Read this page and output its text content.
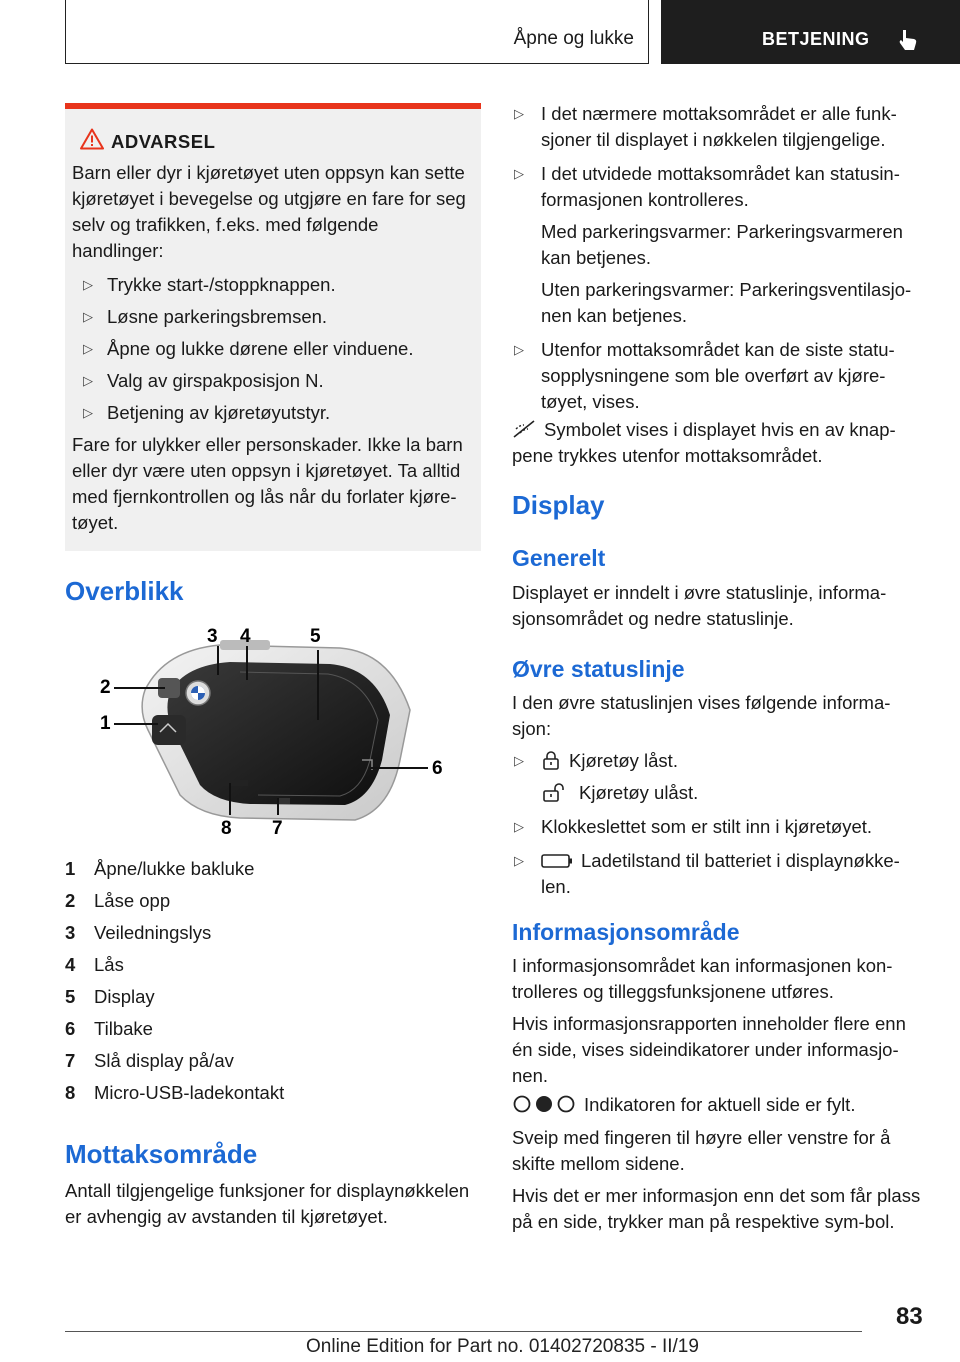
Åpne og lukke	BETJENING
ADVARSEL

Barn eller dyr i kjøretøyet uten oppsyn kan sette kjøretøyet i bevegelse og utgjøre en fare for seg selv og trafikken, f.eks. med følgende handlinger:

▷ Trykke start-/stoppknappen.
▷ Løsne parkeringsbremsen.
▷ Åpne og lukke dørene eller vinduene.
▷ Valg av girspakposisjon N.
▷ Betjening av kjøretøyutstyr.

Fare for ulykker eller personskader. Ikke la barn eller dyr være uten oppsyn i kjøretøyet. Ta alltid med fjernkontrollen og lås når du forlater kjøre-tøyet.

Overblikk
2
1
3 4	5
6
7
8
1	Åpne/lukke bakluke
2	Låse opp
3	Veiledningslys
4	Lås
5	Display
6	Tilbake
7	Slå display på/av
8	Micro-USB-ladekontakt
Mottaksområde

Antall tilgjengelige funksjoner for displaynøkkelen er avhengig av avstanden til kjøretøyet.

▷ I det nærmere mottaksområdet er alle funk-sjoner til displayet i nøkkelen tilgjengelige.
▷ I det utvidede mottaksområdet kan statusin-formasjonen kontrolleres.
Med parkeringsvarmer: Parkeringsvarmeren kan betjenes.
Uten parkeringsvarmer: Parkeringsventilasjo-nen kan betjenes.
▷ Utenfor mottaksområdet kan de siste statu-sopplysningene som ble overført av kjøre-tøyet, vises.

Symbolet vises i displayet hvis en av knap-pene trykkes utenfor mottaksområdet.

Display
Generelt

Displayet er inndelt i øvre statuslinje, informa-sjonsområdet og nedre statuslinje.

Øvre statuslinje

I den øvre statuslinjen vises følgende informa-sjon:

▷ Kjøretøy låst.
Kjøretøy ulåst.
▷ Klokkeslettet som er stilt inn i kjøretøyet.
▷	Ladetilstand til batteriet i displaynøkke-len.
Informasjonsområde

I informasjonsområdet kan informasjonen kon-trolleres og tilleggsfunksjonene utføres.

Hvis informasjonsrapporten inneholder flere enn én side, vises sideindikatorer under informasjo-nen.

Indikatoren for aktuell side er fylt.

Sveip med fingeren til høyre eller venstre for å skifte mellom sidene.

Hvis det er mer informasjon enn det som får plass på en side, trykker man på respektive sym-bol.

83
Online Edition for Part no. 01402720835 - II/19
